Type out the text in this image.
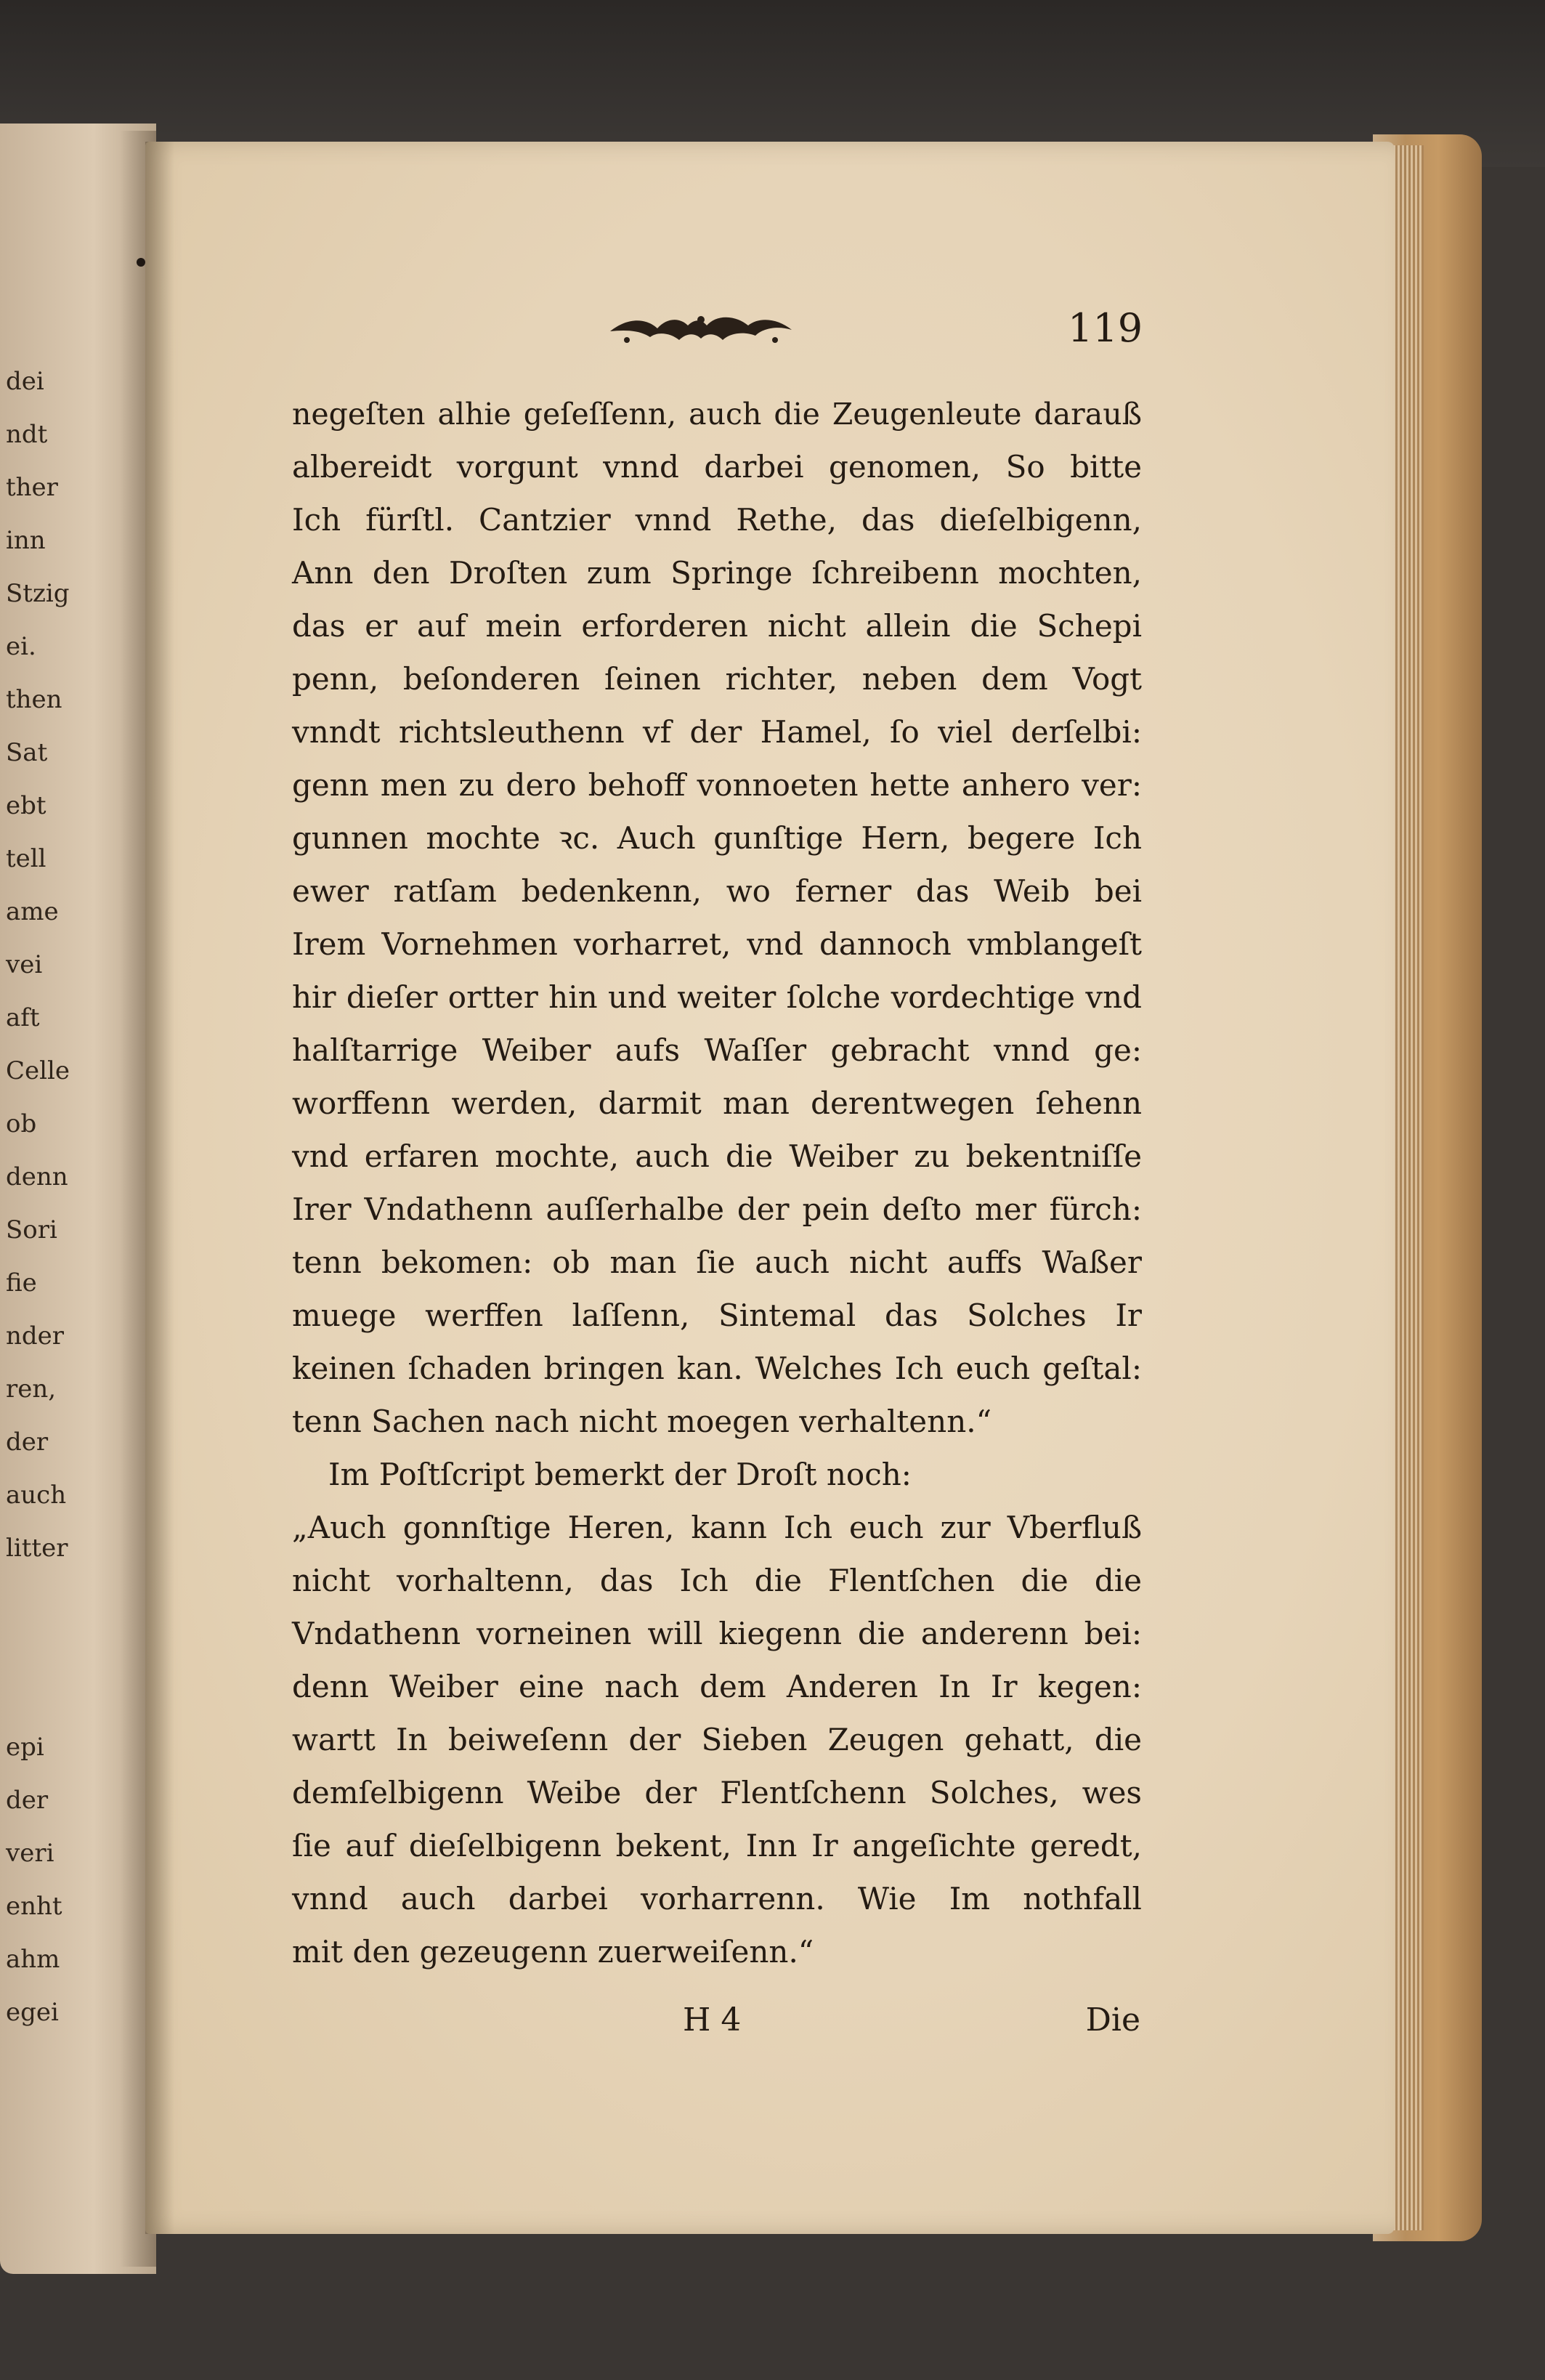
dei
ndt
ther
inn
Stzig
ei.
then
Sat
ebt
tell
ame
vei
aft
Celle
ob
denn
Sori
fie
nder
ren,
der
auch
litter
epi
der
veri
enht
ahm
egei
119
negeſten alhie geſeſſenn, auch die Zeugenleute darauß
albereidt vorgunt vnnd darbei genomen, So bitte
Ich fürſtl. Cantzier vnnd Rethe, das dieſelbigenn,
Ann den Droſten zum Springe ſchreibenn mochten,
das er auf mein erforderen nicht allein die Schepi
penn, beſonderen ſeinen richter, neben dem Vogt
vnndt richtsleuthenn vf der Hamel, ſo viel derſelbi:
genn men zu dero behoff vonnoeten hette anhero ver:
gunnen mochte ꝛc. Auch gunſtige Hern, begere Ich
ewer ratſam bedenkenn, wo ferner das Weib bei
Irem Vornehmen vorharret, vnd dannoch vmblangeſt
hir dieſer ortter hin und weiter ſolche vordechtige vnd
halſtarrige Weiber aufs Waſſer gebracht vnnd ge:
worffenn werden, darmit man derentwegen ſehenn
vnd erfaren mochte, auch die Weiber zu bekentniſſe
Irer Vndathenn auſſerhalbe der pein deſto mer fürch:
tenn bekomen: ob man ſie auch nicht auffs Waßer
muege werffen laſſenn, Sintemal das Solches Ir
keinen ſchaden bringen kan. Welches Ich euch geſtal:
tenn Sachen nach nicht moegen verhaltenn.“
Im Poſtſcript bemerkt der Droſt noch:
„Auch gonnſtige Heren, kann Ich euch zur Vberfluß
nicht vorhaltenn, das Ich die Flentſchen die die
Vndathenn vorneinen will kiegenn die anderenn bei:
denn Weiber eine nach dem Anderen In Ir kegen:
wartt In beiweſenn der Sieben Zeugen gehatt, die
demſelbigenn Weibe der Flentſchenn Solches, wes
ſie auf dieſelbigenn bekent, Inn Ir angeſichte geredt,
vnnd auch darbei vorharrenn. Wie Im nothfall
mit den gezeugenn zuerweiſenn.“
H 4	Die
